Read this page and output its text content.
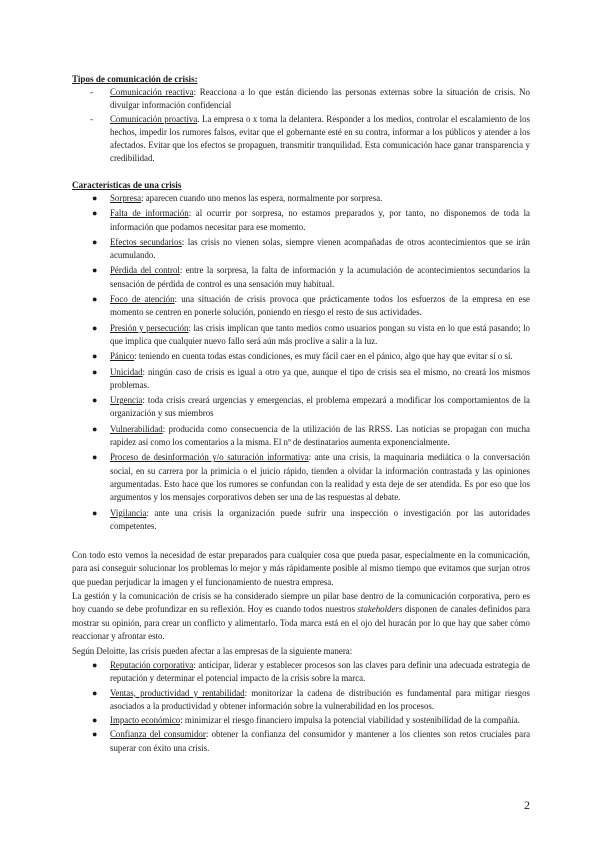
Tipos de comunicación de crisis:
- Comunicación reactiva: Reacciona a lo que están diciendo las personas externas sobre la situación de crisis. No divulgar información confidencial
- Comunicación proactiva. La empresa o x toma la delantera. Responder a los medios, controlar el escalamiento de los hechos, impedir los rumores falsos, evitar que el gobernante esté en su contra, informar a los públicos y atender a los afectados. Evitar que los efectos se propaguen, transmitir tranquilidad. Esta comunicación hace ganar transparencia y credibilidad.
Características de una crisis
● Sorpresa: aparecen cuando uno menos las espera, normalmente por sorpresa.
● Falta de información: al ocurrir por sorpresa, no estamos preparados y, por tanto, no disponemos de toda la información que podamos necesitar para ese momento.
● Efectos secundarios: las crisis no vienen solas, siempre vienen acompañadas de otros acontecimientos que se irán acumulando.
● Pérdida del control: entre la sorpresa, la falta de información y la acumulación de acontecimientos secundarios la sensación de pérdida de control es una sensación muy habitual.
● Foco de atención: una situación de crisis provoca que prácticamente todos los esfuerzos de la empresa en ese momento se centren en ponerle solución, poniendo en riesgo el resto de sus actividades.
● Presión y persecución: las crisis implican que tanto medios como usuarios pongan su vista en lo que está pasando; lo que implica que cualquier nuevo fallo será aún más proclive a salir a la luz.
● Pánico: teniendo en cuenta todas estas condiciones, es muy fácil caer en el pánico, algo que hay que evitar sí o sí.
● Unicidad: ningún caso de crisis es igual a otro ya que, aunque el tipo de crisis sea el mismo, no creará los mismos problemas.
● Urgencia: toda crisis creará urgencias y emergencias, el problema empezará a modificar los comportamientos de la organización y sus miembros
● Vulnerabilidad: producida como consecuencia de la utilización de las RRSS. Las noticias se propagan con mucha rapidez así como los comentarios a la misma. El nº de destinatarios aumenta exponencialmente.
● Proceso de desinformación y/o saturación informativa: ante una crisis, la maquinaria mediática o la conversación social, en su carrera por la primicia o el juicio rápido, tienden a olvidar la información contrastada y las opiniones argumentadas. Esto hace que los rumores se confundan con la realidad y esta deje de ser atendida. Es por eso que los argumentos y los mensajes corporativos deben ser una de las respuestas al debate.
● Vigilancia: ante una crisis la organización puede sufrir una inspección o investigación por las autoridades competentes.
Con todo esto vemos la necesidad de estar preparados para cualquier cosa que pueda pasar, especialmente en la comunicación, para así conseguir solucionar los problemas lo mejor y más rápidamente posible al mismo tiempo que evitamos que surjan otros que puedan perjudicar la imagen y el funcionamiento de nuestra empresa.
La gestión y la comunicación de crisis se ha considerado siempre un pilar base dentro de la comunicación corporativa, pero es hoy cuando se debe profundizar en su reflexión. Hoy es cuando todos nuestros stakeholders disponen de canales definidos para mostrar su opinión, para crear un conflicto y alimentarlo. Toda marca está en el ojo del huracán por lo que hay que saber cómo reaccionar y afrontar esto.
Según Deloitte, las crisis pueden afectar a las empresas de la siguiente manera:
● Reputación corporativa: anticipar, liderar y establecer procesos son las claves para definir una adecuada estrategia de reputación y determinar el potencial impacto de la crisis sobre la marca.
● Ventas, productividad y rentabilidad: monitorizar la cadena de distribución es fundamental para mitigar riesgos asociados a la productividad y obtener información sobre la vulnerabilidad en los procesos.
● Impacto económico: minimizar el riesgo financiero impulsa la potencial viabilidad y sostenibilidad de la compañía.
● Confianza del consumidor: obtener la confianza del consumidor y mantener a los clientes son retos cruciales para superar con éxito una crisis.
2
